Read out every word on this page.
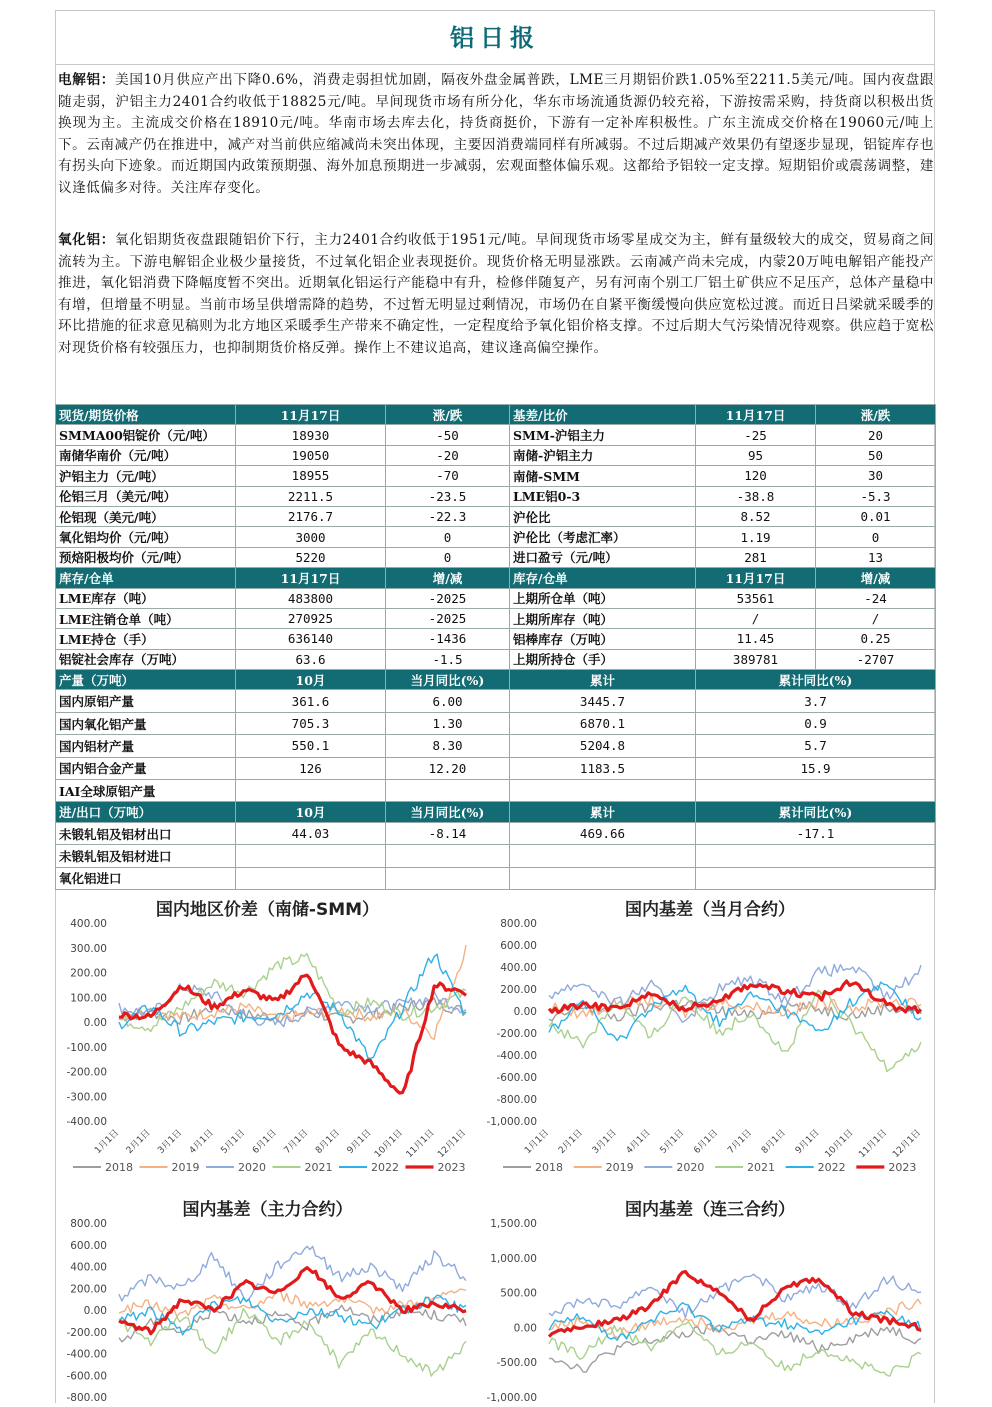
铝日报
电解铝：美国10月供应产出下降0.6%，消费走弱担忧加剧，隔夜外盘金属普跌，LME三月期铝价跌1.05%至2211.5美元/吨。国内夜盘跟随走弱，沪铝主力2401合约收低于18825元/吨。早间现货市场有所分化，华东市场流通货源仍较充裕，下游按需采购，持货商以积极出货换现为主。主流成交价格在18910元/吨。华南市场去库去化，持货商挺价，下游有一定补库积极性。广东主流成交价格在19060元/吨上下。云南减产仍在推进中，减产对当前供应缩减尚未突出体现，主要因消费端同样有所减弱。不过后期减产效果仍有望逐步显现，铝锭库存也有拐头向下迹象。而近期国内政策预期强、海外加息预期进一步减弱，宏观面整体偏乐观。这都给予铝较一定支撑。短期铝价或震荡调整，建议逢低偏多对待。关注库存变化。
氧化铝：氧化铝期货夜盘跟随铝价下行，主力2401合约收低于1951元/吨。早间现货市场零星成交为主，鲜有量级较大的成交，贸易商之间流转为主。下游电解铝企业极少量接货，不过氧化铝企业表现挺价。现货价格无明显涨跌。云南减产尚未完成，内蒙20万吨电解铝产能投产推进，氧化铝消费下降幅度暂不突出。近期氧化铝运行产能稳中有升，检修伴随复产，另有河南个别工厂铝土矿供应不足压产，总体产量稳中有增，但增量不明显。当前市场呈供增需降的趋势，不过暂无明显过剩情况，市场仍在自紧平衡缓慢向供应宽松过渡。而近日吕梁就采暖季的环比措施的征求意见稿则为北方地区采暖季生产带来不确定性，一定程度给予氧化铝价格支撑。不过后期大气污染情况待观察。供应趋于宽松对现货价格有较强压力，也抑制期货价格反弹。操作上不建议追高，建议逢高偏空操作。
现货/期货价格	11月17日	涨/跌	基差/比价	11月17日	涨/跌
SMMA00铝锭价（元/吨）	18930	-50	SMM-沪铝主力	-25	20
南储华南价（元/吨）	19050	-20	南储-沪铝主力	95	50
沪铝主力（元/吨）	18955	-70	南储-SMM	120	30
伦铝三月（美元/吨）	2211.5	-23.5	LME铝0-3	-38.8	-5.3
伦铝现（美元/吨）	2176.7	-22.3	沪伦比	8.52	0.01
氧化铝均价（元/吨）	3000	0	沪伦比（考虑汇率）	1.19	0
预焙阳极均价（元/吨）	5220	0	进口盈亏（元/吨）	281	13
库存/仓单	11月17日	增/减	库存/仓单	11月17日	增/减
LME库存（吨）	483800	-2025	上期所仓单（吨）	53561	-24
LME注销仓单（吨）	270925	-2025	上期所库存（吨）	/	/
LME持仓（手）	636140	-1436	铝棒库存（万吨）	11.45	0.25
铝锭社会库存（万吨）	63.6	-1.5	上期所持仓（手）	389781	-2707
产量（万吨）	10月	当月同比(%)	累计	累计同比(%)	
国内原铝产量	361.6	6.00	3445.7	3.7	
国内氧化铝产量	705.3	1.30	6870.1	0.9	
国内铝材产量	550.1	8.30	5204.8	5.7	
国内铝合金产量	126	12.20	1183.5	15.9	
IAI全球原铝产量					
进/出口（万吨）	10月	当月同比(%)	累计	累计同比(%)	
未锻轧铝及铝材出口	44.03	-8.14	469.66	-17.1	
未锻轧铝及铝材进口					
氧化铝进口					
国内地区价差（南储-SMM）
400.00
300.00
200.00
100.00
0.00
-100.00
-200.00
-300.00
-400.00
1月1日 2月1日 3月1日 4月1日 5月1日 6月1日 7月1日 8月1日 9月1日 10月1日 11月1日 12月1日
2018	2019	2020	2021	2022	2023
国内基差（当月合约）
800.00
600.00
400.00
200.00
0.00
-200.00
-400.00
-600.00
-800.00
-1,000.00
1月1日 2月1日 3月1日 4月1日 5月1日 6月1日 7月1日 8月1日 9月1日 10月1日 11月1日 12月1日
2018	2019	2020	2021	2022	2023
国内基差（主力合约）
800.00
600.00
400.00
200.00
0.00
-200.00
-400.00
-600.00
-800.00
国内基差（连三合约）
1,500.00
1,000.00
500.00
0.00
-500.00
-1,000.00
